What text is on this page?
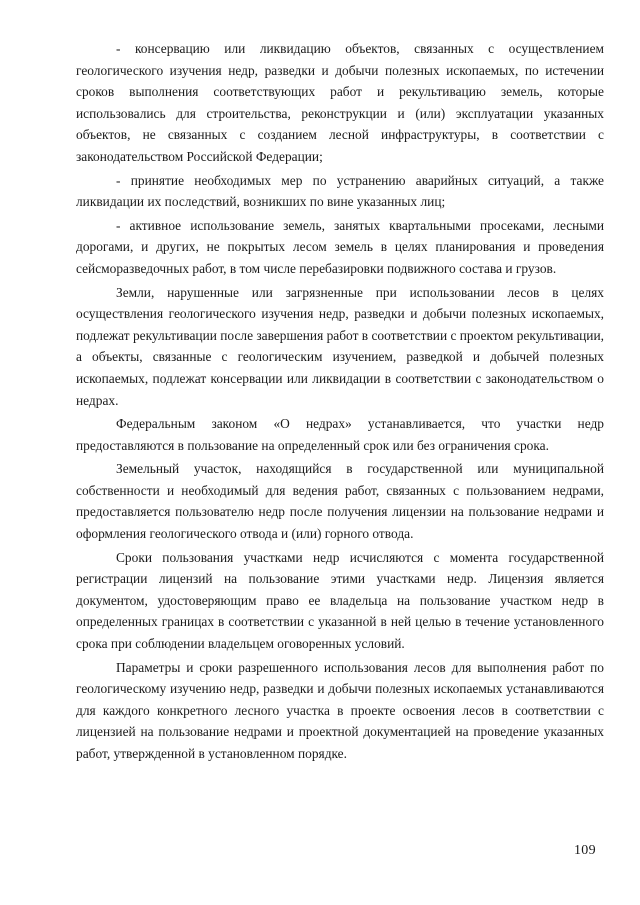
- консервацию или ликвидацию объектов, связанных с осуществлением геологического изучения недр, разведки и добычи полезных ископаемых, по истечении сроков выполнения соответствующих работ и рекультивацию земель, которые использовались для строительства, реконструкции и (или) эксплуатации указанных объектов, не связанных с созданием лесной инфраструктуры, в соответствии с законодательством Российской Федерации;

- принятие необходимых мер по устранению аварийных ситуаций, а также ликвидации их последствий, возникших по вине указанных лиц;

- активное использование земель, занятых квартальными просеками, лесными дорогами, и других, не покрытых лесом земель в целях планирования и проведения сейсморазведочных работ, в том числе перебазировки подвижного состава и грузов.

Земли, нарушенные или загрязненные при использовании лесов в целях осуществления геологического изучения недр, разведки и добычи полезных ископаемых, подлежат рекультивации после завершения работ в соответствии с проектом рекультивации, а объекты, связанные с геологическим изучением, разведкой и добычей полезных ископаемых, подлежат консервации или ликвидации в соответствии с законодательством о недрах.

Федеральным законом «О недрах» устанавливается, что участки недр предоставляются в пользование на определенный срок или без ограничения срока.

Земельный участок, находящийся в государственной или муниципальной собственности и необходимый для ведения работ, связанных с пользованием недрами, предоставляется пользователю недр после получения лицензии на пользование недрами и оформления геологического отвода и (или) горного отвода.

Сроки пользования участками недр исчисляются с момента государственной регистрации лицензий на пользование этими участками недр. Лицензия является документом, удостоверяющим право ее владельца на пользование участком недр в определенных границах в соответствии с указанной в ней целью в течение установленного срока при соблюдении владельцем оговоренных условий.

Параметры и сроки разрешенного использования лесов для выполнения работ по геологическому изучению недр, разведки и добычи полезных ископаемых устанавливаются для каждого конкретного лесного участка в проекте освоения лесов в соответствии с лицензией на пользование недрами и проектной документацией на проведение указанных работ, утвержденной в установленном порядке.

109
